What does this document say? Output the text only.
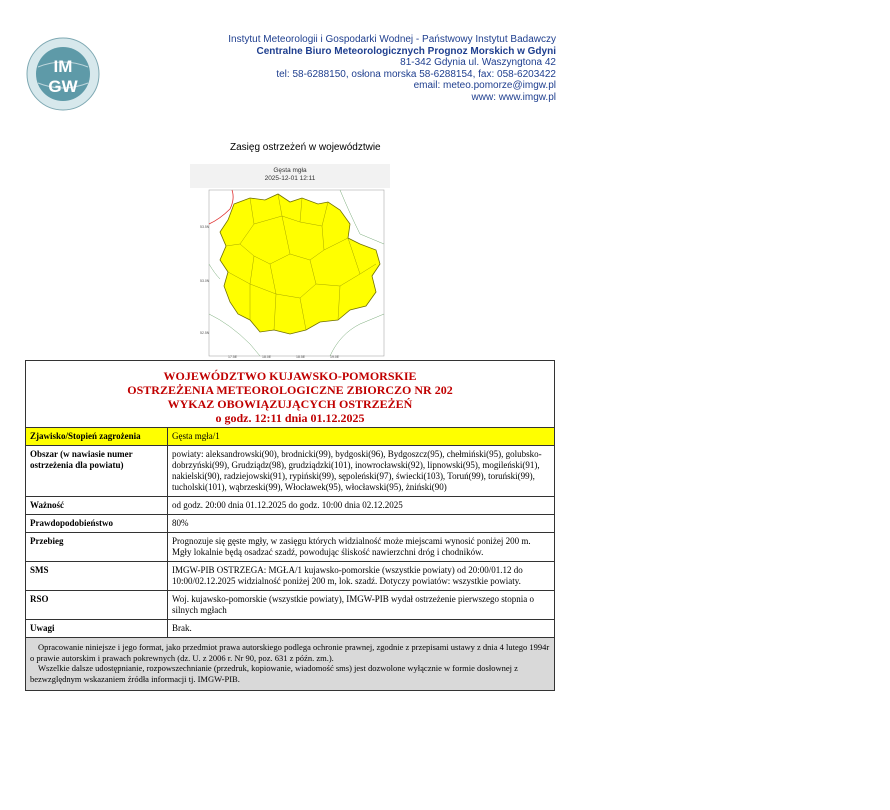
IM
GW
Instytut Meteorologii i Gospodarki Wodnej - Państwowy Instytut Badawczy
Centralne Biuro Meteorologicznych Prognoz Morskich w Gdyni
81-342 Gdynia ul. Waszyngtona 42
tel: 58-6288150, osłona morska 58-6288154, fax: 058-6203422
email: meteo.pomorze@imgw.pl
www: www.imgw.pl
Zasięg ostrzeżeń w województwie
Gęsta mgła
2025-12-01 12:11
53.5N
53.0N
52.5N
17.5E	18.0E	18.5E	19.0E
WOJEWÓDZTWO KUJAWSKO-POMORSKIE
OSTRZEŻENIA METEOROLOGICZNE ZBIORCZO NR 202
WYKAZ OBOWIĄZUJĄCYCH OSTRZEŻEŃ
o godz. 12:11 dnia 01.12.2025	

Zjawisko/Stopień zagrożenia	Gęsta mgła/1
Obszar (w nawiasie numer ostrzeżenia dla powiatu)	powiaty: aleksandrowski(90), brodnicki(99), bydgoski(96), Bydgoszcz(95), chełmiński(95), golubsko-dobrzyński(99), Grudziądz(98), grudziądzki(101), inowrocławski(92), lipnowski(95), mogileński(91), nakielski(90), radziejowski(91), rypiński(99), sępoleński(97), świecki(103), Toruń(99), toruński(99), tucholski(101), wąbrzeski(99), Włocławek(95), włocławski(95), żniński(90)
Ważność	od godz. 20:00 dnia 01.12.2025 do godz. 10:00 dnia 02.12.2025
Prawdopodobieństwo	80%
Przebieg	Prognozuje się gęste mgły, w zasięgu których widzialność może miejscami wynosić poniżej 200 m. Mgły lokalnie będą osadzać szadź, powodując śliskość nawierzchni dróg i chodników.
SMS	IMGW-PIB OSTRZEGA: MGŁA/1 kujawsko-pomorskie (wszystkie powiaty) od 20:00/01.12 do 10:00/02.12.2025 widzialność poniżej 200 m, lok. szadź. Dotyczy powiatów: wszystkie powiaty.
RSO	Woj. kujawsko-pomorskie (wszystkie powiaty), IMGW-PIB wydał ostrzeżenie pierwszego stopnia o silnych mgłach
Uwagi	Brak.

Opracowanie niniejsze i jego format, jako przedmiot prawa autorskiego podlega ochronie prawnej, zgodnie z przepisami ustawy z dnia 4 lutego 1994r o prawie autorskim i prawach pokrewnych (dz. U. z 2006 r. Nr 90, poz. 631 z późn. zm.).
Wszelkie dalsze udostępnianie, rozpowszechnianie (przedruk, kopiowanie, wiadomość sms) jest dozwolone wyłącznie w formie dosłownej z bezwzględnym wskazaniem źródła informacji tj. IMGW-PIB.	
